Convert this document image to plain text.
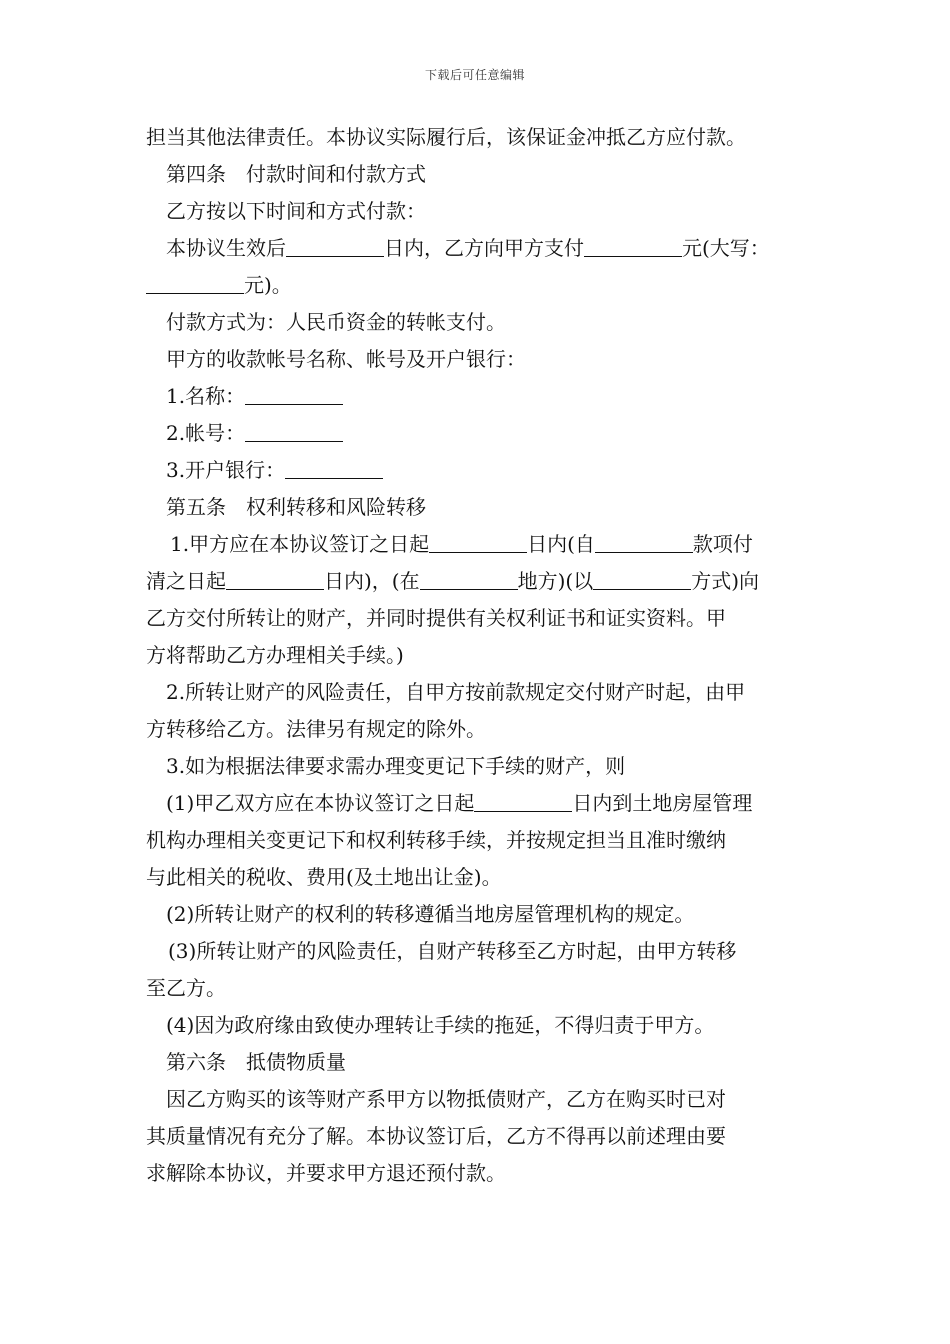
下载后可任意编辑
担当其他法律责任。本协议实际履行后，该保证金冲抵乙方应付款。
第四条　付款时间和付款方式
乙方按以下时间和方式付款：
本协议生效后	日内，乙方向甲方支付	元(大写：
元)。
付款方式为：人民币资金的转帐支付。
甲方的收款帐号名称、帐号及开户银行：
1.名称：
2.帐号：
3.开户银行：
第五条　权利转移和风险转移
1.甲方应在本协议签订之日起	日内(自	款项付
清之日起	日内)，(在	地方)(以	方式)向
乙方交付所转让的财产，并同时提供有关权利证书和证实资料。甲
方将帮助乙方办理相关手续。)
2.所转让财产的风险责任，自甲方按前款规定交付财产时起，由甲
方转移给乙方。法律另有规定的除外。
3.如为根据法律要求需办理变更记下手续的财产，则
(1)甲乙双方应在本协议签订之日起	日内到土地房屋管理
机构办理相关变更记下和权利转移手续，并按规定担当且准时缴纳
与此相关的税收、费用(及土地出让金)。
(2)所转让财产的权利的转移遵循当地房屋管理机构的规定。
(3)所转让财产的风险责任，自财产转移至乙方时起，由甲方转移
至乙方。
(4)因为政府缘由致使办理转让手续的拖延，不得归责于甲方。
第六条　抵债物质量
因乙方购买的该等财产系甲方以物抵债财产，乙方在购买时已对
其质量情况有充分了解。本协议签订后，乙方不得再以前述理由要
求解除本协议，并要求甲方退还预付款。
